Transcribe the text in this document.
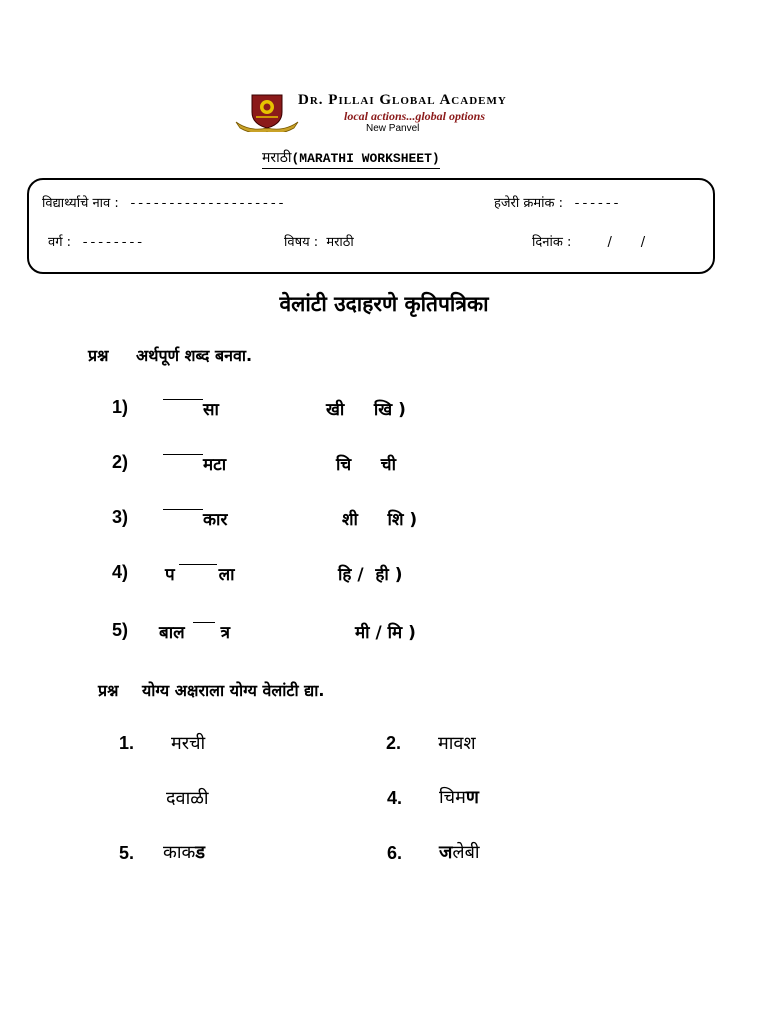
Dr. Pillai Global Academy
local actions...global options
New Panvel
मराठी(MARATHI WORKSHEET)
विद्यार्थ्याचे नाव : --------------------	हजेरी क्रमांक : ------
वर्ग : --------	विषय : मराठी	दिनांक :	/       /
वेलांटी उदाहरणे कृतिपत्रिका
प्रश्न अर्थपूर्ण शब्द बनवा.
1)	सा	खी     खि )
2)	मटा	चि     ची
3)	कार	शी     शि )
4) प	ला	हि /  ही )
5) बाल त्र	मी / मि )
प्रश्न योग्य अक्षराला योग्य वेलांटी द्या.
1. मरची	2. मावश
दवाळी	4. चिमण
5. काकड	6. जलेबी
